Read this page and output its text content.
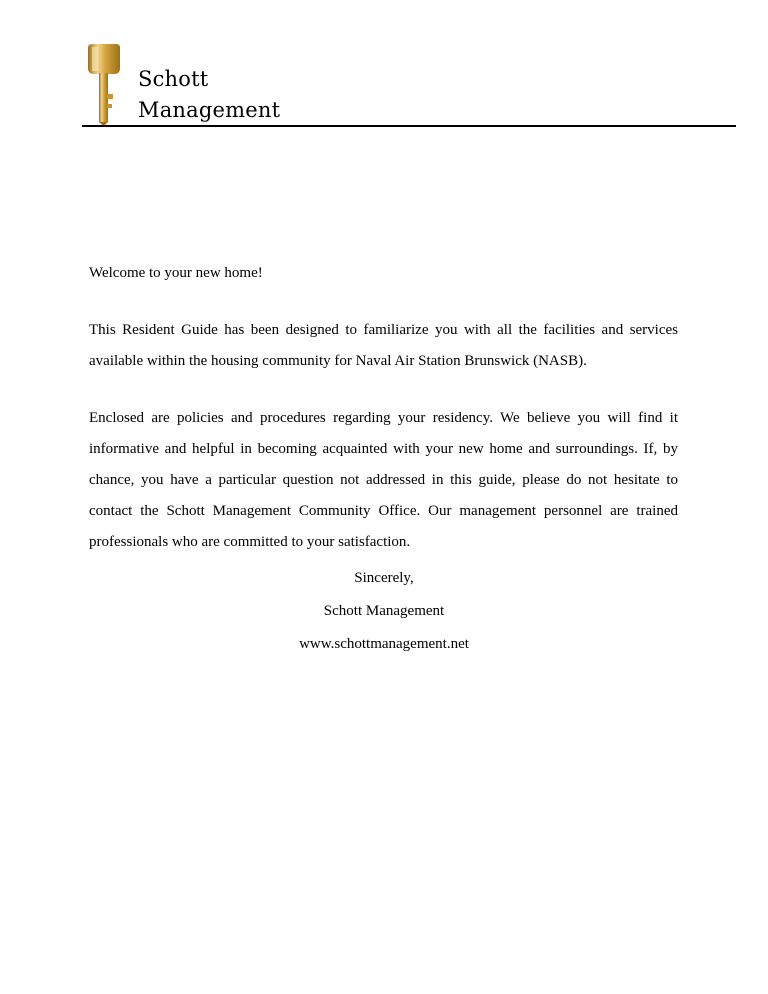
Schott
Management

Welcome to your new home!

This Resident Guide has been designed to familiarize you with all the facilities and services available within the housing community for Naval Air Station Brunswick (NASB).

Enclosed are policies and procedures regarding your residency. We believe you will find it informative and helpful in becoming acquainted with your new home and surroundings. If, by chance, you have a particular question not addressed in this guide, please do not hesitate to contact the Schott Management Community Office. Our management personnel are trained professionals who are committed to your satisfaction.

Sincerely,
Schott Management
www.schottmanagement.net
